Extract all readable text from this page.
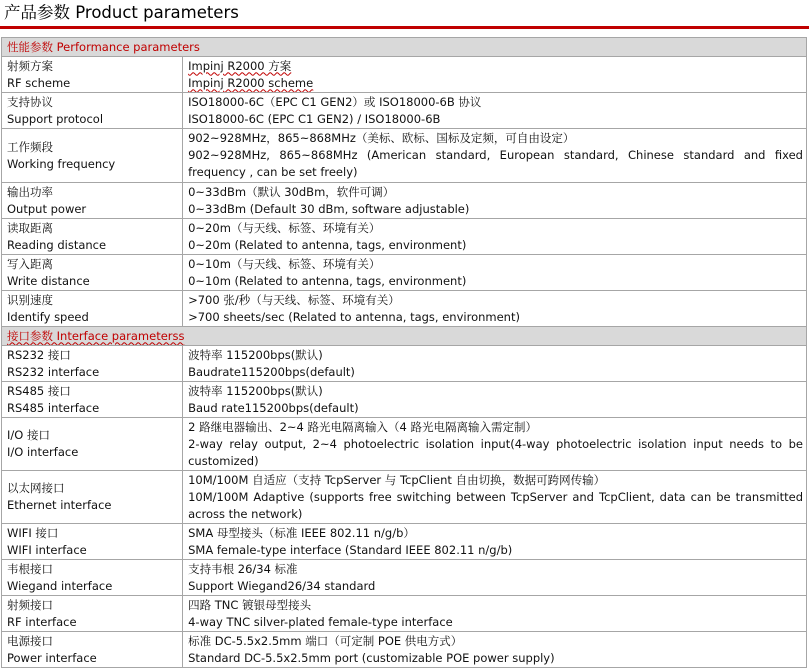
产品参数 Product parameters
性能参数 Performance parameters	

射频方案
RF scheme	Impinj R2000 方案
Impinj R2000 scheme

支持协议
Support protocol	ISO18000-6C（EPC C1 GEN2）或 ISO18000-6B 协议
ISO18000-6C (EPC C1 GEN2) / ISO18000-6B

工作频段
Working frequency	902~928MHz，865~868MHz（美标、欧标、国标及定频，可自由设定）
902~928MHz, 865~868MHz (American standard, European standard, Chinese standard and fixed frequency , can be set freely)

输出功率
Output power	0~33dBm（默认 30dBm，软件可调）
0~33dBm (Default 30 dBm, software adjustable)

读取距离
Reading distance	0~20m（与天线、标签、环境有关）
0~20m (Related to antenna, tags, environment)

写入距离
Write distance	0~10m（与天线、标签、环境有关）
0~10m (Related to antenna, tags, environment)

识别速度
Identify speed	>700 张/秒（与天线、标签、环境有关）
>700 sheets/sec (Related to antenna, tags, environment)

接口参数 Interface parameterss	

RS232 接口
RS232 interface	波特率 115200bps(默认)
Baudrate115200bps(default)

RS485 接口
RS485 interface	波特率 115200bps(默认)
Baud rate115200bps(default)

I/O 接口
I/O interface	2 路继电器输出、2~4 路光电隔离输入（4 路光电隔离输入需定制）
2-way relay output, 2~4 photoelectric isolation input(4-way photoelectric isolation input needs to be customized)

以太网接口
Ethernet interface	10M/100M 自适应（支持 TcpServer 与 TcpClient 自由切换，数据可跨网传输）
10M/100M Adaptive (supports free switching between TcpServer and TcpClient, data can be transmitted across the network)

WIFI 接口
WIFI interface	SMA 母型接头（标准 IEEE 802.11 n/g/b）
SMA female-type interface (Standard IEEE 802.11 n/g/b)

韦根接口
Wiegand interface	支持韦根 26/34 标准
Support Wiegand26/34 standard

射频接口
RF interface	四路 TNC 镀银母型接头
4-way TNC silver-plated female-type interface

电源接口
Power interface	标准 DC-5.5x2.5mm 端口（可定制 POE 供电方式）
Standard DC-5.5x2.5mm port (customizable POE power supply)
